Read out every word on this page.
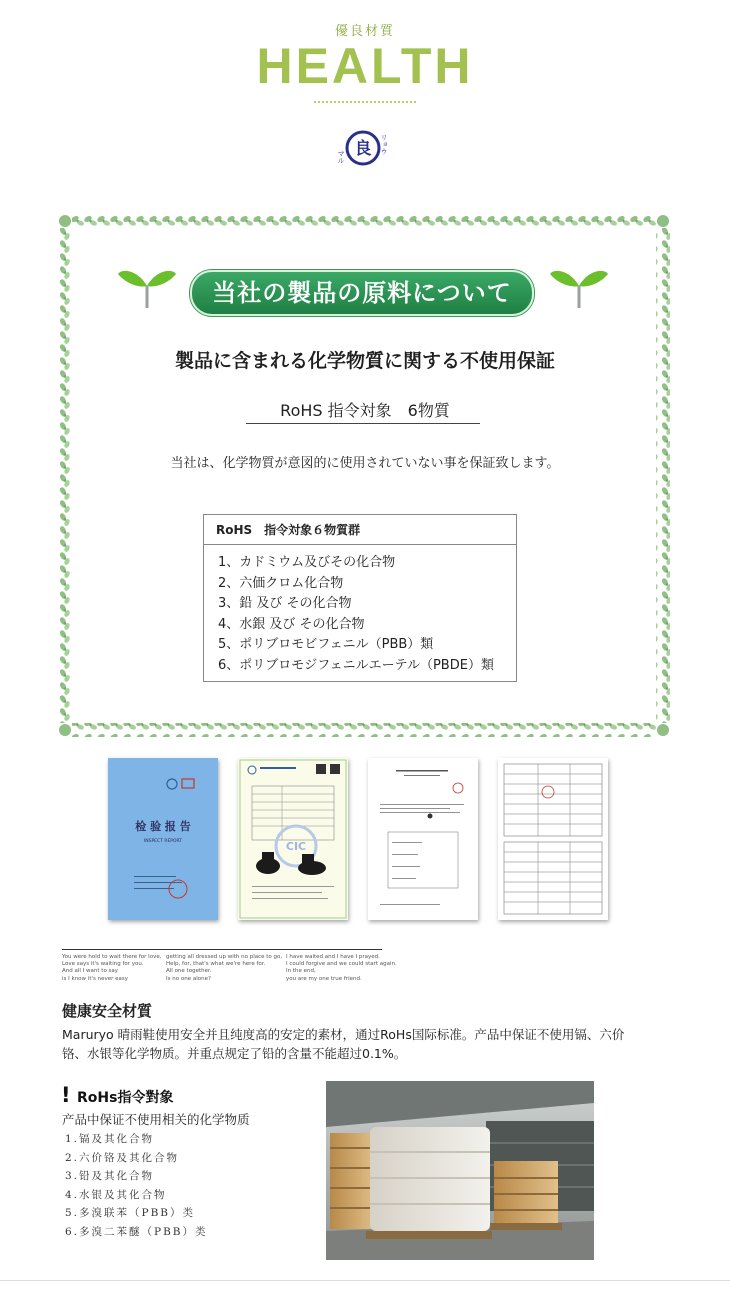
優良材質
HEALTH
良
マル
リョウ
当社の製品の原料について
製品に含まれる化学物質に関する不使用保証
RoHS 指令対象　6物質
当社は、化学物質が意図的に使用されていない事を保証致します。
RoHS　指令対象６物質群
1、カドミウム及びその化合物
2、六価クロム化合物
3、鉛 及び その化合物
4、水銀 及び その化合物
5、ポリブロモビフェニル（PBB）類
6、ポリブロモジフェニルエーテル（PBDE）類
检 验 报 告
INSPECT REPORT	CIC
You were hold to wait there for love,
Love says it's waiting for you.
And all I want to say
is I know it's never easy
getting all dressed up with no place to go,
Help, for, that's what we're here for.
All one together.
Is no one alone?
I have waited and I have I prayed.
I could forgive and we could start again.
In the end,
you are my one true friend.
健康安全材質
Maruryo 晴雨鞋使用安全并且纯度高的安定的素材，通过RoHs国际标准。产品中保证不使用镉、六价铬、水银等化学物质。并重点规定了铅的含量不能超过0.1%。
! RoHs指令對象
产品中保证不使用相关的化学物质
1.镉及其化合物
2.六价铬及其化合物
3.铅及其化合物
4.水银及其化合物
5.多溴联苯（PBB）类
6.多溴二苯醚（PBB）类
